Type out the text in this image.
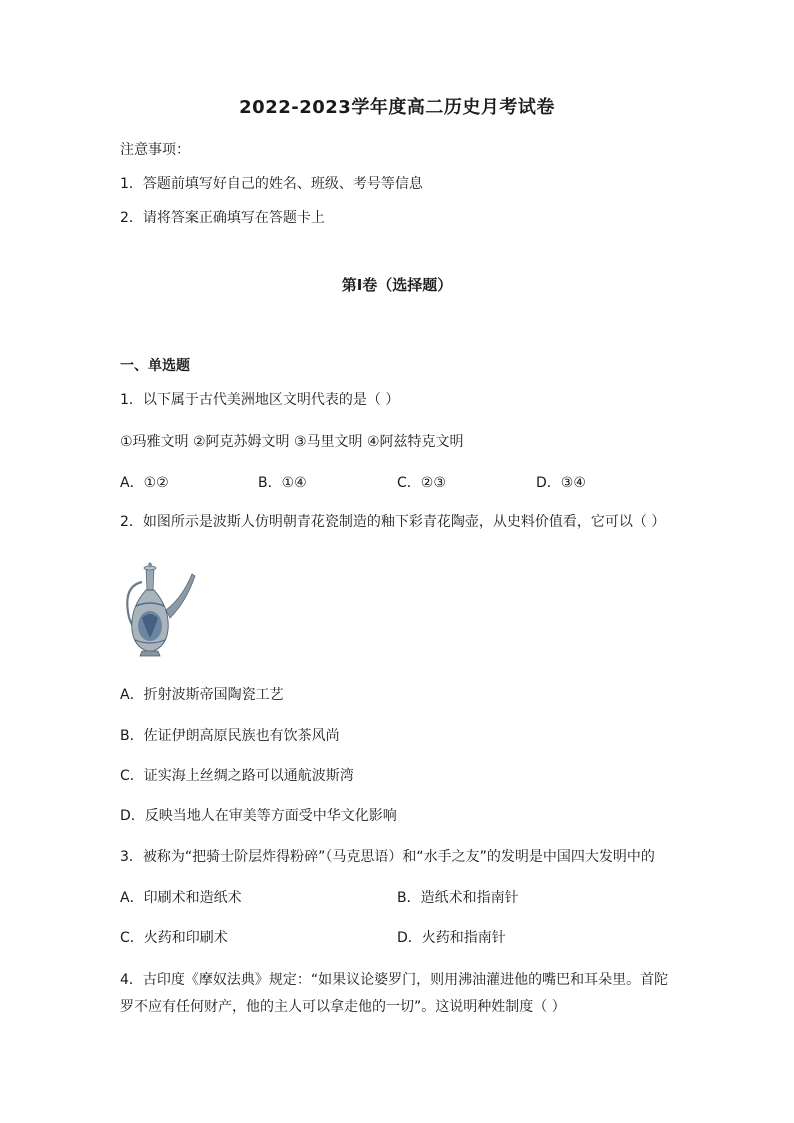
2022-2023学年度高二历史月考试卷
注意事项：
1．答题前填写好自己的姓名、班级、考号等信息
2．请将答案正确填写在答题卡上
第I卷（选择题）
一、单选题
1．以下属于古代美洲地区文明代表的是（ ）
①玛雅文明 ②阿克苏姆文明 ③马里文明 ④阿兹特克文明
A．①②	B．①④	C．②③	D．③④
2．如图所示是波斯人仿明朝青花瓷制造的釉下彩青花陶壶，从史料价值看，它可以（ ）
A．折射波斯帝国陶瓷工艺
B．佐证伊朗高原民族也有饮茶风尚
C．证实海上丝绸之路可以通航波斯湾
D．反映当地人在审美等方面受中华文化影响
3．被称为“把骑士阶层炸得粉碎”（马克思语）和“水手之友”的发明是中国四大发明中的
A．印刷术和造纸术	B．造纸术和指南针
C．火药和印刷术	D．火药和指南针
4．古印度《摩奴法典》规定：“如果议论婆罗门，则用沸油灌进他的嘴巴和耳朵里。首陀
罗不应有任何财产，他的主人可以拿走他的一切”。这说明种姓制度（ ）
